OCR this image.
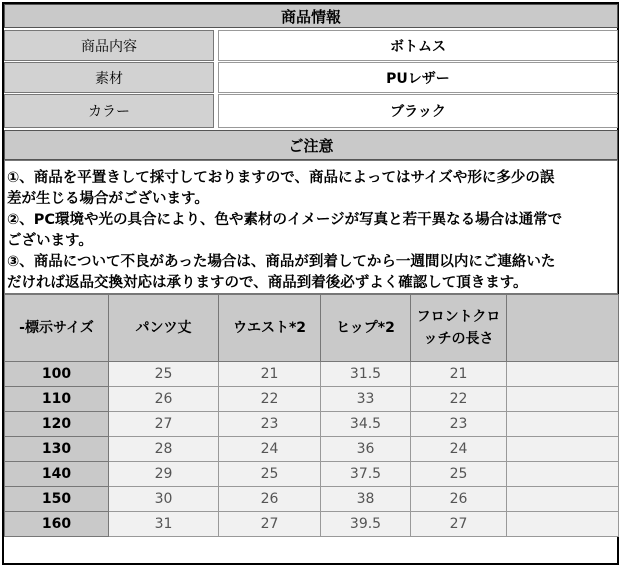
商品情報
商品内容	ボトムス
素材	PUレザー
カラー	ブラック
ご注意
①、商品を平置きして採寸しておりますので、商品によってはサイズや形に多少の誤
差が生じる場合がございます。
②、PC環境や光の具合により、色や素材のイメージが写真と若干異なる場合は通常で
ございます。
③、商品について不良があった場合は、商品が到着してから一週間以内にご連絡いた
だければ返品交換対応は承りますので、商品到着後必ずよく確認して頂きます。
-標示サイズ	パンツ丈	ウエスト*2	ヒップ*2	フロントクロッチの長さ	
100	25	21	31.5	21	
110	26	22	33	22	
120	27	23	34.5	23	
130	28	24	36	24	
140	29	25	37.5	25	
150	30	26	38	26	
160	31	27	39.5	27	
